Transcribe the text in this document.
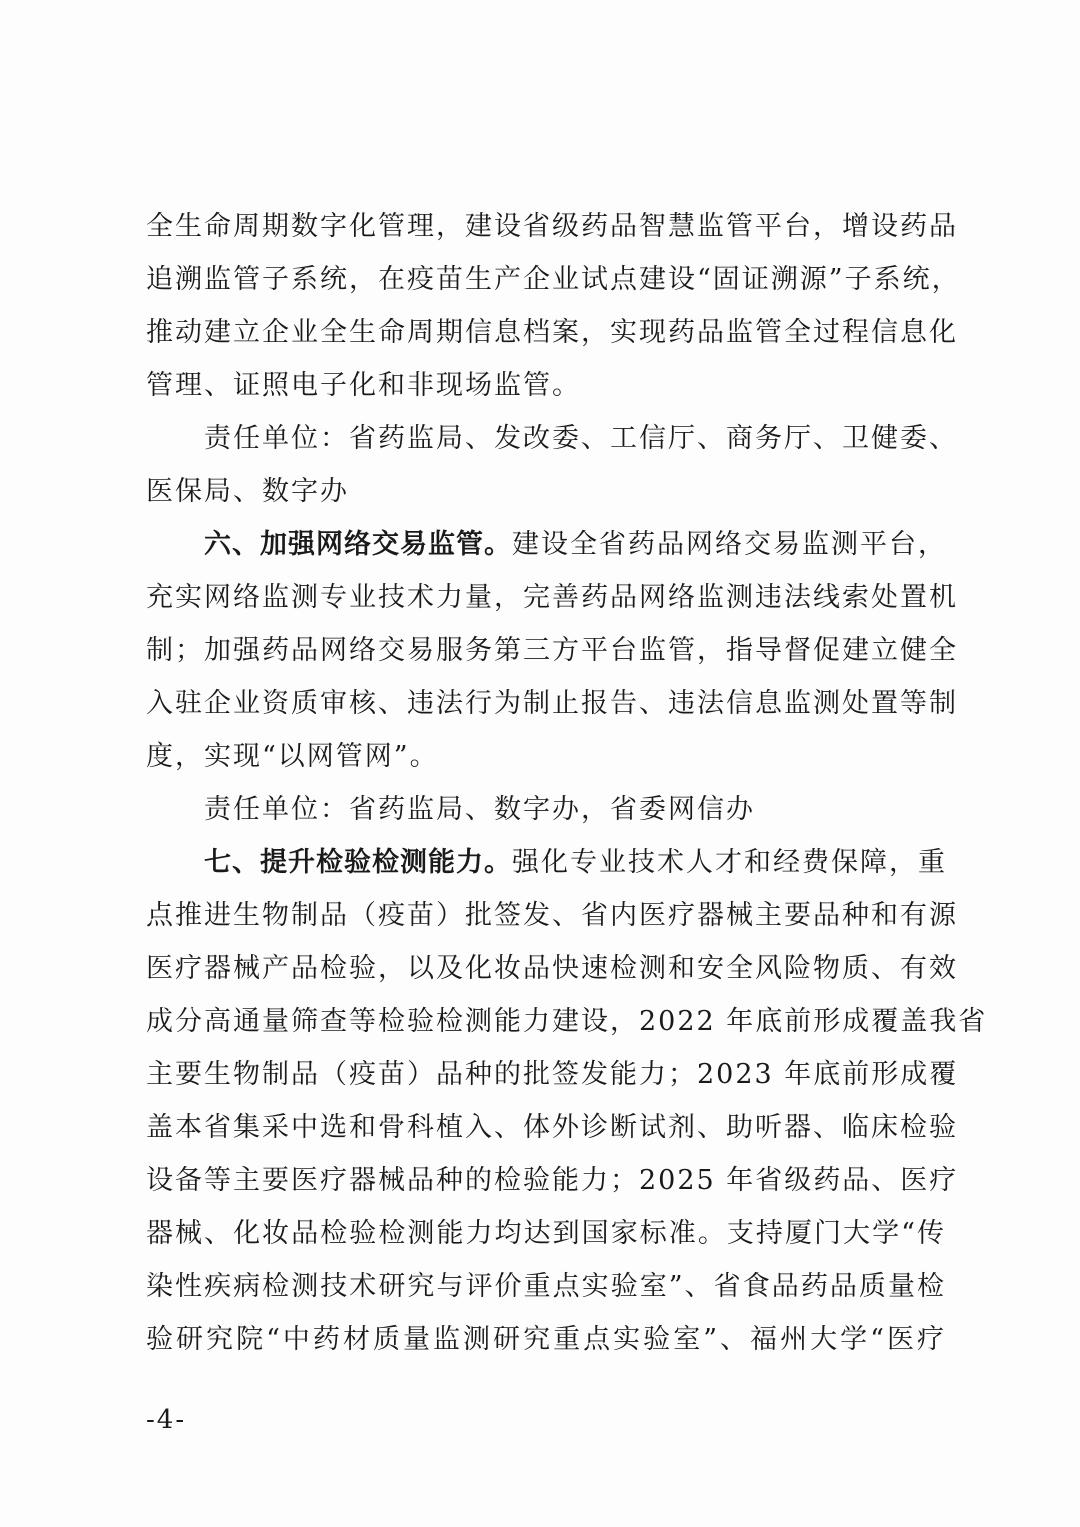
全生命周期数字化管理，建设省级药品智慧监管平台，增设药品
追溯监管子系统，在疫苗生产企业试点建设“固证溯源”子系统，
推动建立企业全生命周期信息档案，实现药品监管全过程信息化
管理、证照电子化和非现场监管。
责任单位：省药监局、发改委、工信厅、商务厅、卫健委、
医保局、数字办
六、加强网络交易监管。建设全省药品网络交易监测平台，
充实网络监测专业技术力量，完善药品网络监测违法线索处置机
制；加强药品网络交易服务第三方平台监管，指导督促建立健全
入驻企业资质审核、违法行为制止报告、违法信息监测处置等制
度，实现“以网管网”。
责任单位：省药监局、数字办，省委网信办
七、提升检验检测能力。强化专业技术人才和经费保障，重
点推进生物制品（疫苗）批签发、省内医疗器械主要品种和有源
医疗器械产品检验，以及化妆品快速检测和安全风险物质、有效
成分高通量筛查等检验检测能力建设，2022 年底前形成覆盖我省
主要生物制品（疫苗）品种的批签发能力；2023 年底前形成覆
盖本省集采中选和骨科植入、体外诊断试剂、助听器、临床检验
设备等主要医疗器械品种的检验能力；2025 年省级药品、医疗
器械、化妆品检验检测能力均达到国家标准。支持厦门大学“传
染性疾病检测技术研究与评价重点实验室”、省食品药品质量检
验研究院“中药材质量监测研究重点实验室”、福州大学“医疗
-4-
